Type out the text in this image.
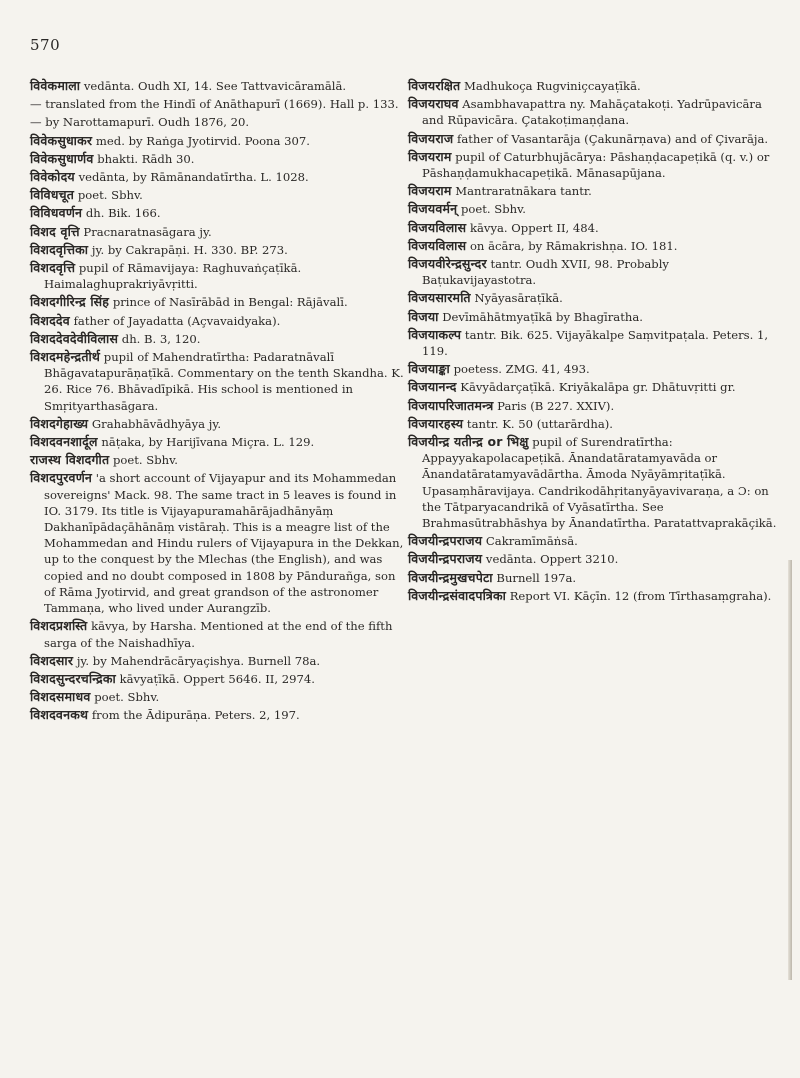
570
विवेकमाला vedānta. Oudh XI, 14. See Tattvavicāramālā.
— translated from the Hindī of Anāthapurī (1669). Hall p. 133.
— by Narottamapurī. Oudh 1876, 20.
विवेकसुधाकर med. by Raṅga Jyotirvid. Poona 307.
विवेकसुधार्णव bhakti. Rādh 30.
विवेकोदय vedānta, by Rāmānandatīrtha. L. 1028.
विविधचूत poet. Sbhv.
विविधवर्णन dh. Bik. 166.
विशद वृत्ति Pracnaratnasāgara jy.
विशदवृत्तिका jy. by Cakrapāṇi. H. 330. BP. 273.
विशदवृत्ति pupil of Rāmavijaya: Raghuvaṅçaṭīkā. Haimalaghuprakriyāvṛitti.
विशदगीरिन्द्र सिंह prince of Nasīrābād in Bengal: Rājāvalī.
विशददेव father of Jayadatta (Açvavaidyaka).
विशददेवदेवीविलास dh. B. 3, 120.
विशदमहेन्द्रतीर्थ pupil of Mahendratīrtha: Padaratnāvalī Bhāgavatapurāṇaṭīkā. Commentary on the tenth Skandha. K. 26. Rice 76. Bhāvadīpikā. His school is mentioned in Smṛityarthasāgara.
विशदगेहाख्य Grahabhāvādhyāya jy.
विशदवनशार्दूल nāṭaka, by Harijīvana Miçra. L. 129.
राजस्थ विशदगीत poet. Sbhv.
विशदपुरवर्णन 'a short account of Vijayapur and its Mohammedan sovereigns' Mack. 98. The same tract in 5 leaves is found in IO. 3179. Its title is Vijayapuramahārājadhānyāṃ Dakhanīpādaçāhānāṃ vistāraḥ. This is a meagre list of the Mohammedan and Hindu rulers of Vijayapura in the Dekkan, up to the conquest by the Mlechas (the English), and was copied and no doubt composed in 1808 by Pāndurañga, son of Rāma Jyotirvid, and great grandson of the astronomer Tammaṇa, who lived under Aurangzīb.
विशदप्रशस्ति kāvya, by Harsha. Mentioned at the end of the fifth sarga of the Naishadhīya.
विशदसार jy. by Mahendrācāryaçishya. Burnell 78a.
विशदसुन्दरचन्द्रिका kāvyaṭīkā. Oppert 5646. II, 2974.
विशदसमाधव poet. Sbhv.
विशदवनकथ from the Ādipurāṇa. Peters. 2, 197.
विजयरक्षित Madhukoça Rugviniçcayaṭīkā.
विजयराघव Asambhavapattra ny. Mahāçatakoṭi. Yadrūpavicāra and Rūpavicāra. Çatakoṭimaṇḍana.
विजयराज father of Vasantarāja (Çakunārṇava) and of Çivarāja.
विजयराम pupil of Caturbhujācārya: Pāshaṇḍacapeṭikā (q. v.) or Pāshaṇḍamukhacapeṭikā. Mānasapūjana.
विजयराम Mantraratnākara tantr.
विजयवर्मन् poet. Sbhv.
विजयविलास kāvya. Oppert II, 484.
विजयविलास on ācāra, by Rāmakrishṇa. IO. 181.
विजयवीरेन्द्रसुन्दर tantr. Oudh XVII, 98. Probably Baṭukavijayastotra.
विजयसारमति Nyāyasāraṭīkā.
विजया Devīmāhātmyaṭīkā by Bhagīratha.
विजयाकल्प tantr. Bik. 625. Vijayākalpe Saṃvitpaṭala. Peters. 1, 119.
विजयाङ्का poetess. ZMG. 41, 493.
विजयानन्द Kāvyādarçaṭīkā. Kriyākalāpa gr. Dhātuvṛitti gr.
विजयापरिजातमन्त्र Paris (B 227. XXIV).
विजयारहस्य tantr. K. 50 (uttarārdha).
विजयीन्द्र यतीन्द्र or भिक्षु pupil of Surendratīrtha: Appayyakapolacapeṭikā. Ānandatāratamyavāda or Ānandatāratamyavādārtha. Āmoda Nyāyāmṛitaṭīkā. Upasaṃhāravijaya. Candrikodāhṛitanyāyavivaraṇa, a Ɔ: on the Tātparyacandrikā of Vyāsatīrtha. See Brahmasūtrabhāshya by Ānandatīrtha. Paratattvaprakāçikā.
विजयीन्द्रपराजय Cakramīmāṅsā.
विजयीन्द्रपराजय vedānta. Oppert 3210.
विजयीन्द्रमुखचपेटा Burnell 197a.
विजयीन्द्रसंवादपत्रिका Report VI. Kāçīn. 12 (from Tīrthasaṃgraha).
